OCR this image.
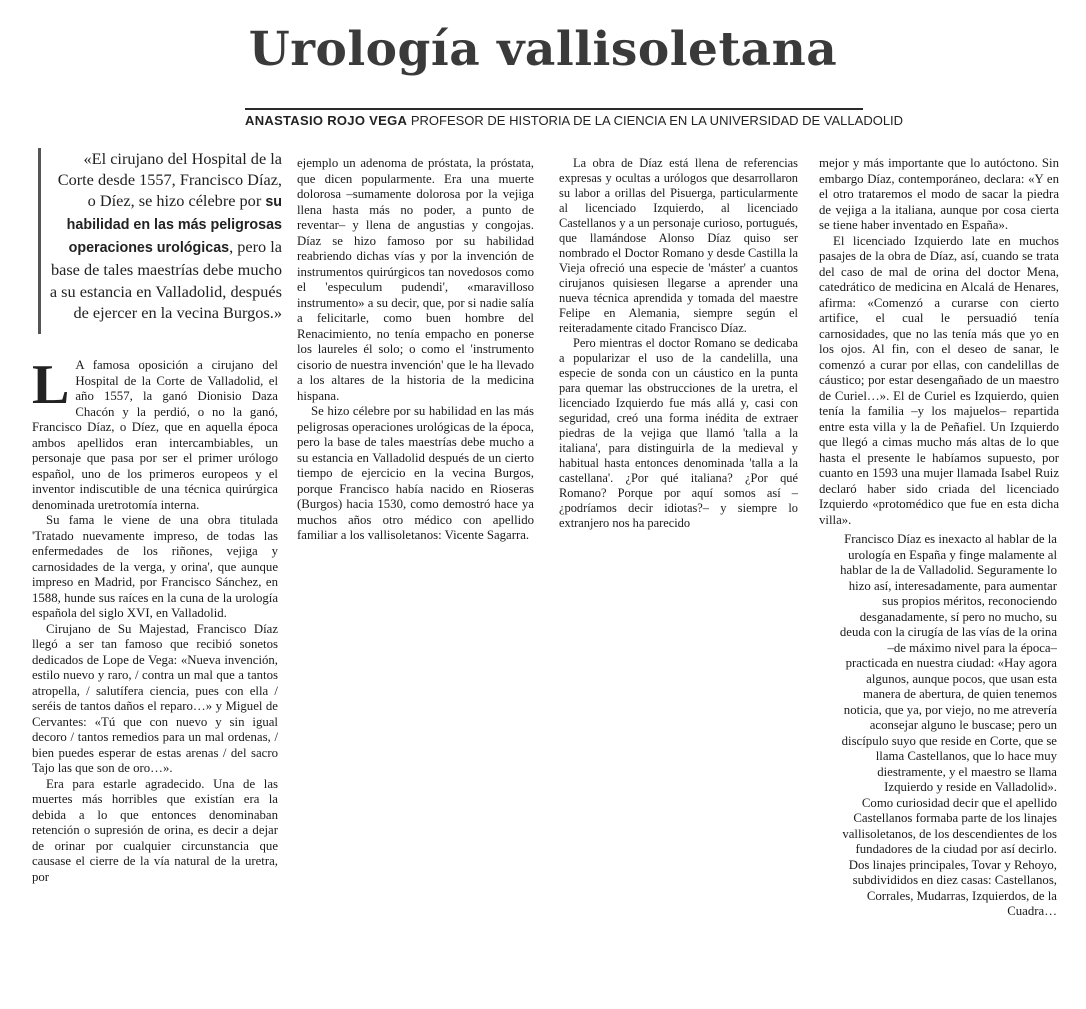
Urología vallisoletana
ANASTASIO ROJO VEGA PROFESOR DE HISTORIA DE LA CIENCIA EN LA UNIVERSIDAD DE VALLADOLID
«El cirujano del Hospital de la Corte desde 1557, Francisco Díaz, o Díez, se hizo célebre por su habilidad en las más peligrosas operaciones urológicas, pero la base de tales maestrías debe mucho a su estancia en Valladolid, después de ejercer en la vecina Burgos.»

L A famosa oposición a cirujano del Hospital de la Corte de Valladolid, el año 1557, la ganó Dionisio Daza Chacón y la perdió, o no la ganó, Francisco Díaz, o Díez, que en aquella época ambos apellidos eran intercambiables, un personaje que pasa por ser el primer urólogo español, uno de los primeros europeos y el inventor indiscutible de una técnica quirúrgica denominada uretrotomía interna.

Su fama le viene de una obra titulada 'Tratado nuevamente impreso, de todas las enfermedades de los riñones, vejiga y carnosidades de la verga, y orina', que aunque impreso en Madrid, por Francisco Sánchez, en 1588, hunde sus raíces en la cuna de la urología española del siglo XVI, en Valladolid.

Cirujano de Su Majestad, Francisco Díaz llegó a ser tan famoso que recibió sonetos dedicados de Lope de Vega: «Nueva invención, estilo nuevo y raro, / contra un mal que a tantos atropella, / salutífera ciencia, pues con ella / seréis de tantos daños el reparo…» y Miguel de Cervantes: «Tú que con nuevo y sin igual decoro / tantos remedios para un mal ordenas, / bien puedes esperar de estas arenas / del sacro Tajo las que son de oro…».

Era para estarle agradecido. Una de las muertes más horribles que existían era la debida a lo que entonces denominaban retención o supresión de orina, es decir a dejar de orinar por cualquier circunstancia que causase el cierre de la vía natural de la uretra, por

ejemplo un adenoma de próstata, la próstata, que dicen popularmente. Era una muerte dolorosa –sumamente dolorosa por la vejiga llena hasta más no poder, a punto de reventar– y llena de angustias y congojas. Díaz se hizo famoso por su habilidad reabriendo dichas vías y por la invención de instrumentos quirúrgicos tan novedosos como el 'especulum pudendi', «maravilloso instrumento» a su decir, que, por si nadie salía a felicitarle, como buen hombre del Renacimiento, no tenía empacho en ponerse los laureles él solo; o como el 'instrumento cisorio de nuestra invención' que le ha llevado a los altares de la historia de la medicina hispana.

Se hizo célebre por su habilidad en las más peligrosas operaciones urológicas de la época, pero la base de tales maestrías debe mucho a su estancia en Valladolid después de un cierto tiempo de ejercicio en la vecina Burgos, porque Francisco había nacido en Rioseras (Burgos) hacia 1530, como demostró hace ya muchos años otro médico con apellido familiar a los vallisoletanos: Vicente Sagarra.

La obra de Díaz está llena de referencias expresas y ocultas a urólogos que desarrollaron su labor a orillas del Pisuerga, particularmente al licenciado Izquierdo, al licenciado Castellanos y a un personaje curioso, portugués, que llamándose Alonso Díaz quiso ser nombrado el Doctor Romano y desde Castilla la Vieja ofreció una especie de 'máster' a cuantos cirujanos quisiesen llegarse a aprender una nueva técnica aprendida y tomada del maestre Felipe en Alemania, siempre según el reiteradamente citado Francisco Díaz.

Pero mientras el doctor Romano se dedicaba a popularizar el uso de la candelilla, una especie de sonda con un cáustico en la punta para quemar las obstrucciones de la uretra, el licenciado Izquierdo fue más allá y, casi con seguridad, creó una forma inédita de extraer piedras de la vejiga que llamó 'talla a la italiana', para distinguirla de la medieval y habitual hasta entonces denominada 'talla a la castellana'. ¿Por qué italiana? ¿Por qué Romano? Porque por aquí somos así –¿podríamos decir idiotas?– y siempre lo extranjero nos ha parecido

mejor y más importante que lo autóctono. Sin embargo Díaz, contemporáneo, declara: «Y en el otro trataremos el modo de sacar la piedra de vejiga a la italiana, aunque por cosa cierta se tiene haber inventado en España».

El licenciado Izquierdo late en muchos pasajes de la obra de Díaz, así, cuando se trata del caso de mal de orina del doctor Mena, catedrático de medicina en Alcalá de Henares, afirma: «Comenzó a curarse con cierto artifice, el cual le persuadió tenía carnosidades, que no las tenía más que yo en los ojos. Al fin, con el deseo de sanar, le comenzó a curar por ellas, con candelillas de cáustico; por estar desengañado de un maestro de Curiel…». El de Curiel es Izquierdo, quien tenía la familia –y los majuelos– repartida entre esta villa y la de Peñafiel. Un Izquierdo que llegó a cimas mucho más altas de lo que hasta el presente le habíamos supuesto, por cuanto en 1593 una mujer llamada Isabel Ruiz declaró haber sido criada del licenciado Izquierdo «protomédico que fue en esta dicha villa».

Francisco Díaz es inexacto al hablar de la urología en España y finge malamente al hablar de la de Valladolid. Seguramente lo hizo así, interesadamente, para aumentar sus propios méritos, reconociendo desganadamente, sí pero no mucho, su deuda con la cirugía de las vías de la orina –de máximo nivel para la época– practicada en nuestra ciudad: «Hay agora algunos, aunque pocos, que usan esta manera de abertura, de quien tenemos noticia, que ya, por viejo, no me atrevería aconsejar alguno le buscase; pero un discípulo suyo que reside en Corte, que se llama Castellanos, que lo hace muy diestramente, y el maestro se llama Izquierdo y reside en Valladolid».

Como curiosidad decir que el apellido Castellanos formaba parte de los linajes vallisoletanos, de los descendientes de los fundadores de la ciudad por así decirlo. Dos linajes principales, Tovar y Rehoyo, subdivididos en diez casas: Castellanos, Corrales, Mudarras, Izquierdos, de la Cuadra…
